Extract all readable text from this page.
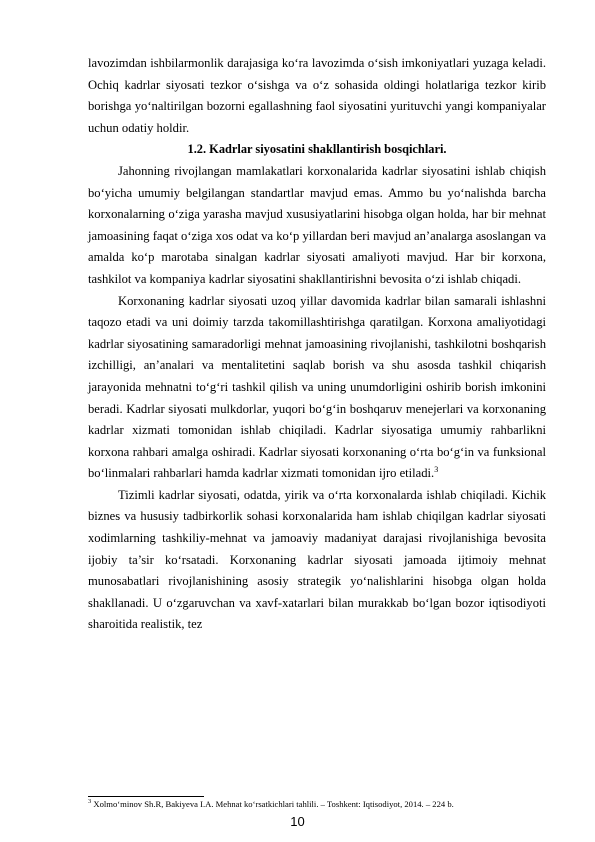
lavozimdan ishbilarmonlik darajasiga ko‘ra lavozimda o‘sish imkoniyatlari yuzaga keladi. Ochiq kadrlar siyosati tezkor o‘sishga va o‘z sohasida oldingi holatlariga tezkor kirib borishga yo‘naltirilgan bozorni egallashning faol siyosatini yurituvchi yangi kompaniyalar uchun odatiy holdir.

1.2. Kadrlar siyosatini shakllantirish bosqichlari.

Jahonning rivojlangan mamlakatlari korxonalarida kadrlar siyosatini ishlab chiqish bo‘yicha umumiy belgilangan standartlar mavjud emas. Ammo bu yo‘nalishda barcha korxonalarning o‘ziga yarasha mavjud xususiyatlarini hisobga olgan holda, har bir mehnat jamoasining faqat o‘ziga xos odat va ko‘p yillardan beri mavjud an’analarga asoslangan va amalda ko‘p marotaba sinalgan kadrlar siyosati amaliyoti mavjud. Har bir korxona, tashkilot va kompaniya kadrlar siyosatini shakllantirishni bevosita o‘zi ishlab chiqadi.

Korxonaning kadrlar siyosati uzoq yillar davomida kadrlar bilan samarali ishlashni taqozo etadi va uni doimiy tarzda takomillashtirishga qaratilgan. Korxona amaliyotidagi kadrlar siyosatining samaradorligi mehnat jamoasining rivojlanishi, tashkilotni boshqarish izchilligi, an’analari va mentalitetini saqlab borish va shu asosda tashkil chiqarish jarayonida mehnatni to‘g‘ri tashkil qilish va uning unumdorligini oshirib borish imkonini beradi. Kadrlar siyosati mulkdorlar, yuqori bo‘g‘in boshqaruv menejerlari va korxonaning kadrlar xizmati tomonidan ishlab chiqiladi. Kadrlar siyosatiga umumiy rahbarlikni korxona rahbari amalga oshiradi. Kadrlar siyosati korxonaning o‘rta bo‘g‘in va funksional bo‘linmalari rahbarlari hamda kadrlar xizmati tomonidan ijro etiladi.$^3$

Tizimli kadrlar siyosati, odatda, yirik va o‘rta korxonalarda ishlab chiqiladi. Kichik biznes va hususiy tadbirkorlik sohasi korxonalarida ham ishlab chiqilgan kadrlar siyosati xodimlarning tashkiliy-mehnat va jamoaviy madaniyat darajasi rivojlanishiga bevosita ijobiy ta’sir ko‘rsatadi. Korxonaning kadrlar siyosati jamoada ijtimoiy mehnat munosabatlari rivojlanishining asosiy strategik yo‘nalishlarini hisobga olgan holda shakllanadi. U o‘zgaruvchan va xavf-xatarlari bilan murakkab bo‘lgan bozor iqtisodiyoti sharoitida realistik, tez

$^3$ Xolmo‘minov Sh.R, Bakiyeva I.A. Mehnat ko‘rsatkichlari tahlili. – Toshkent: Iqtisodiyot, 2014. – 224 b.
10
